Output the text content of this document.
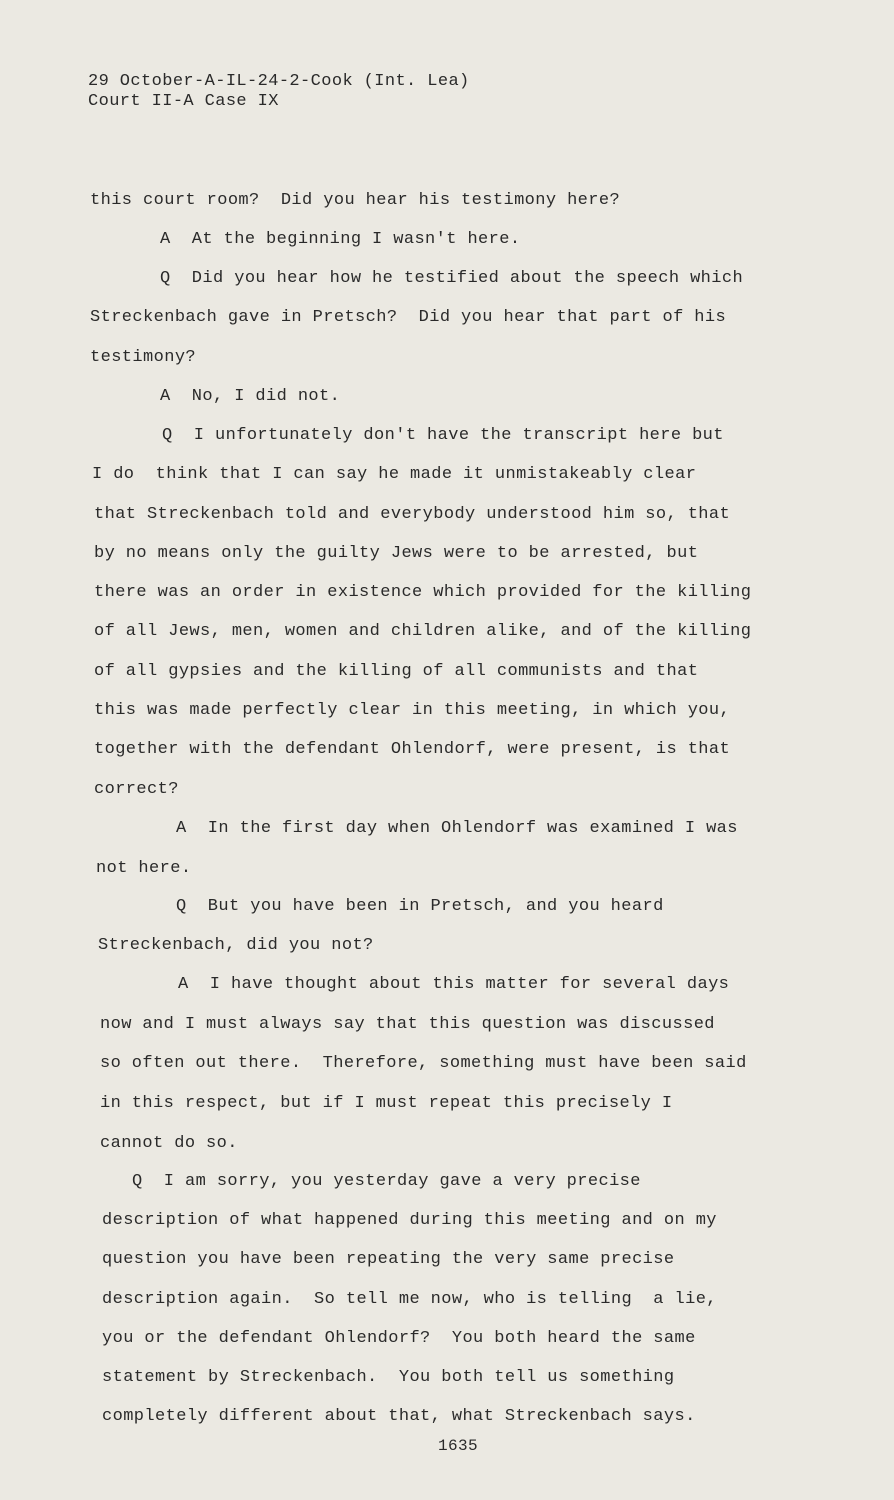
29 October-A-IL-24-2-Cook (Int. Lea)
Court II-A Case IX
this court room?  Did you hear his testimony here?
A  At the beginning I wasn't here.
Q  Did you hear how he testified about the speech which
Streckenbach gave in Pretsch?  Did you hear that part of his
testimony?
A  No, I did not.
Q  I unfortunately don't have the transcript here but
I do  think that I can say he made it unmistakeably clear
that Streckenbach told and everybody understood him so, that
by no means only the guilty Jews were to be arrested, but
there was an order in existence which provided for the killing
of all Jews, men, women and children alike, and of the killing
of all gypsies and the killing of all communists and that
this was made perfectly clear in this meeting, in which you,
together with the defendant Ohlendorf, were present, is that
correct?
A  In the first day when Ohlendorf was examined I was
not here.
Q  But you have been in Pretsch, and you heard
Streckenbach, did you not?
A  I have thought about this matter for several days
now and I must always say that this question was discussed
so often out there.  Therefore, something must have been said
in this respect, but if I must repeat this precisely I
cannot do so.
Q  I am sorry, you yesterday gave a very precise
description of what happened during this meeting and on my
question you have been repeating the very same precise
description again.  So tell me now, who is telling  a lie,
you or the defendant Ohlendorf?  You both heard the same
statement by Streckenbach.  You both tell us something
completely different about that, what Streckenbach says.
1635
